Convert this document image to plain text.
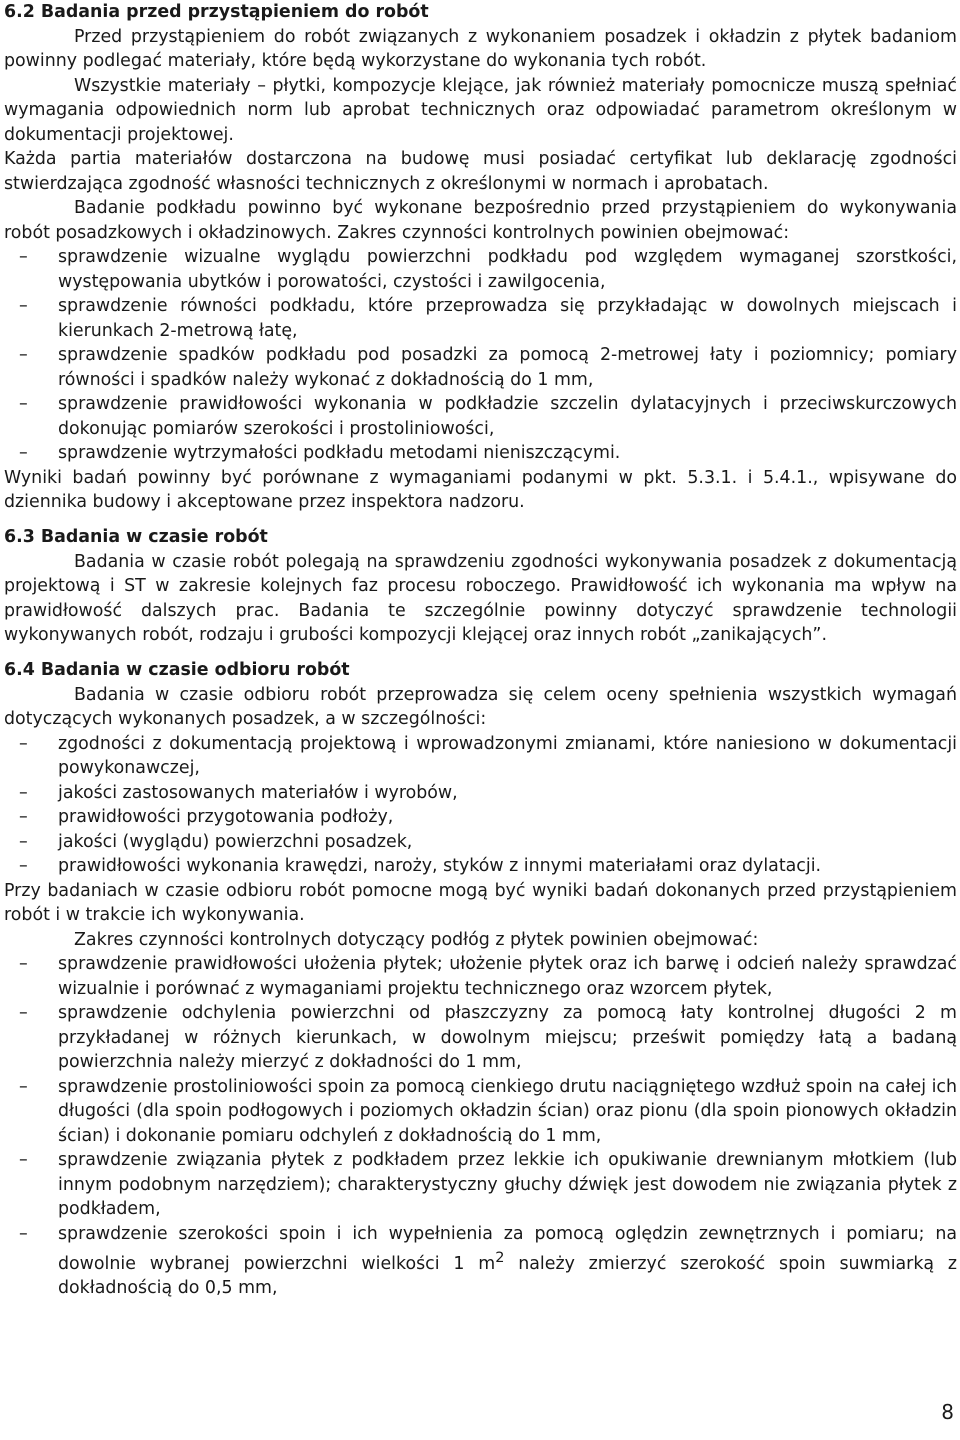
6.2 Badania przed przystąpieniem do robót

Przed przystąpieniem do robót związanych z wykonaniem posadzek i okładzin z płytek badaniom powinny podlegać materiały, które będą wykorzystane do wykonania tych robót.

Wszystkie materiały – płytki, kompozycje klejące, jak również materiały pomocnicze muszą spełniać wymagania odpowiednich norm lub aprobat technicznych oraz odpowiadać parametrom określonym w dokumentacji projektowej.

Każda partia materiałów dostarczona na budowę musi posiadać certyfikat lub deklarację zgodności stwierdzająca zgodność własności technicznych z określonymi w normach i aprobatach.

Badanie podkładu powinno być wykonane bezpośrednio przed przystąpieniem do wykonywania robót posadzkowych i okładzinowych. Zakres czynności kontrolnych powinien obejmować:

– sprawdzenie wizualne wyglądu powierzchni podkładu pod względem wymaganej szorstkości, występowania ubytków i porowatości, czystości i zawilgocenia,
– sprawdzenie równości podkładu, które przeprowadza się przykładając w dowolnych miejscach i kierunkach 2-metrową łatę,
– sprawdzenie spadków podkładu pod posadzki za pomocą 2-metrowej łaty i poziomnicy; pomiary równości i spadków należy wykonać z dokładnością do 1 mm,
– sprawdzenie prawidłowości wykonania w podkładzie szczelin dylatacyjnych i przeciwskurczowych dokonując pomiarów szerokości i prostoliniowości,
– sprawdzenie wytrzymałości podkładu metodami nieniszczącymi.

Wyniki badań powinny być porównane z wymaganiami podanymi w pkt. 5.3.1. i 5.4.1., wpisywane do dziennika budowy i akceptowane przez inspektora nadzoru.

6.3 Badania w czasie robót

Badania w czasie robót polegają na sprawdzeniu zgodności wykonywania posadzek z dokumentacją projektową i ST w zakresie kolejnych faz procesu roboczego. Prawidłowość ich wykonania ma wpływ na prawidłowość dalszych prac. Badania te szczególnie powinny dotyczyć sprawdzenie technologii wykonywanych robót, rodzaju i grubości kompozycji klejącej oraz innych robót „zanikających”.

6.4 Badania w czasie odbioru robót

Badania w czasie odbioru robót przeprowadza się celem oceny spełnienia wszystkich wymagań dotyczących wykonanych posadzek, a w szczególności:

– zgodności z dokumentacją projektową i wprowadzonymi zmianami, które naniesiono w dokumentacji powykonawczej,
– jakości zastosowanych materiałów i wyrobów,
– prawidłowości przygotowania podłoży,
– jakości (wyglądu) powierzchni posadzek,
– prawidłowości wykonania krawędzi, naroży, styków z innymi materiałami oraz dylatacji.

Przy badaniach w czasie odbioru robót pomocne mogą być wyniki badań dokonanych przed przystąpieniem robót i w trakcie ich wykonywania.

Zakres czynności kontrolnych dotyczący podłóg z płytek powinien obejmować:

– sprawdzenie prawidłowości ułożenia płytek; ułożenie płytek oraz ich barwę i odcień należy sprawdzać wizualnie i porównać z wymaganiami projektu technicznego oraz wzorcem płytek,
– sprawdzenie odchylenia powierzchni od płaszczyzny za pomocą łaty kontrolnej długości 2 m przykładanej w różnych kierunkach, w dowolnym miejscu; prześwit pomiędzy łatą a badaną powierzchnia należy mierzyć z dokładności do 1 mm,
– sprawdzenie prostoliniowości spoin za pomocą cienkiego drutu naciągniętego wzdłuż spoin na całej ich długości (dla spoin podłogowych i poziomych okładzin ścian) oraz pionu (dla spoin pionowych okładzin ścian) i dokonanie pomiaru odchyleń z dokładnością do 1 mm,
– sprawdzenie związania płytek z podkładem przez lekkie ich opukiwanie drewnianym młotkiem (lub innym podobnym narzędziem); charakterystyczny głuchy dźwięk jest dowodem nie związania płytek z podkładem,
– sprawdzenie szerokości spoin i ich wypełnienia za pomocą oględzin zewnętrznych i pomiaru; na dowolnie wybranej powierzchni wielkości 1 $m^2$ należy zmierzyć szerokość spoin suwmiarką z dokładnością do 0,5 mm,
8
